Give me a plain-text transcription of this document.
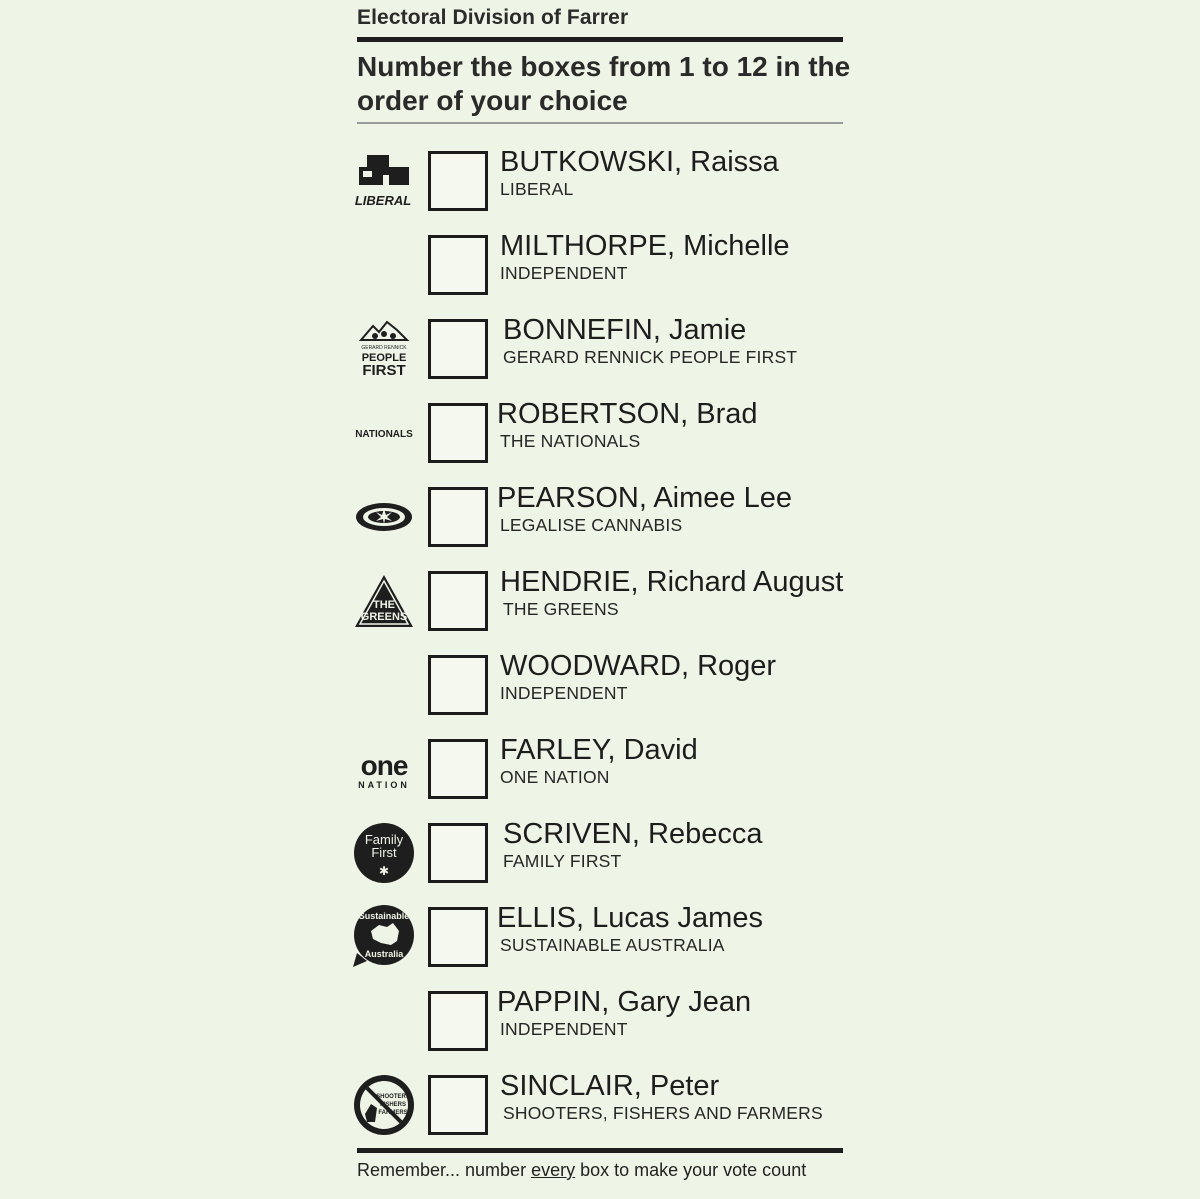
Electoral Division of Farrer
Number the boxes from 1 to 12 in the order of your choice
LIBERAL
BUTKOWSKI, Raissa
LIBERAL
MILTHORPE, Michelle
INDEPENDENT
GERARD RENNICK
PEOPLE
FIRST
BONNEFIN, Jamie
GERARD RENNICK PEOPLE FIRST
NATIONALS
ROBERTSON, Brad
THE NATIONALS
PEARSON, Aimee Lee
LEGALISE CANNABIS
THE
GREENS
HENDRIE, Richard August
THE GREENS
WOODWARD, Roger
INDEPENDENT
one
NATION
FARLEY, David
ONE NATION
Family
First
✱
SCRIVEN, Rebecca
FAMILY FIRST
Sustainable
Australia
ELLIS, Lucas James
SUSTAINABLE AUSTRALIA
PAPPIN, Gary Jean
INDEPENDENT
SHOOTERS
FISHERS
FARMERS
SINCLAIR, Peter
SHOOTERS, FISHERS AND FARMERS
Remember... number every box to make your vote count
